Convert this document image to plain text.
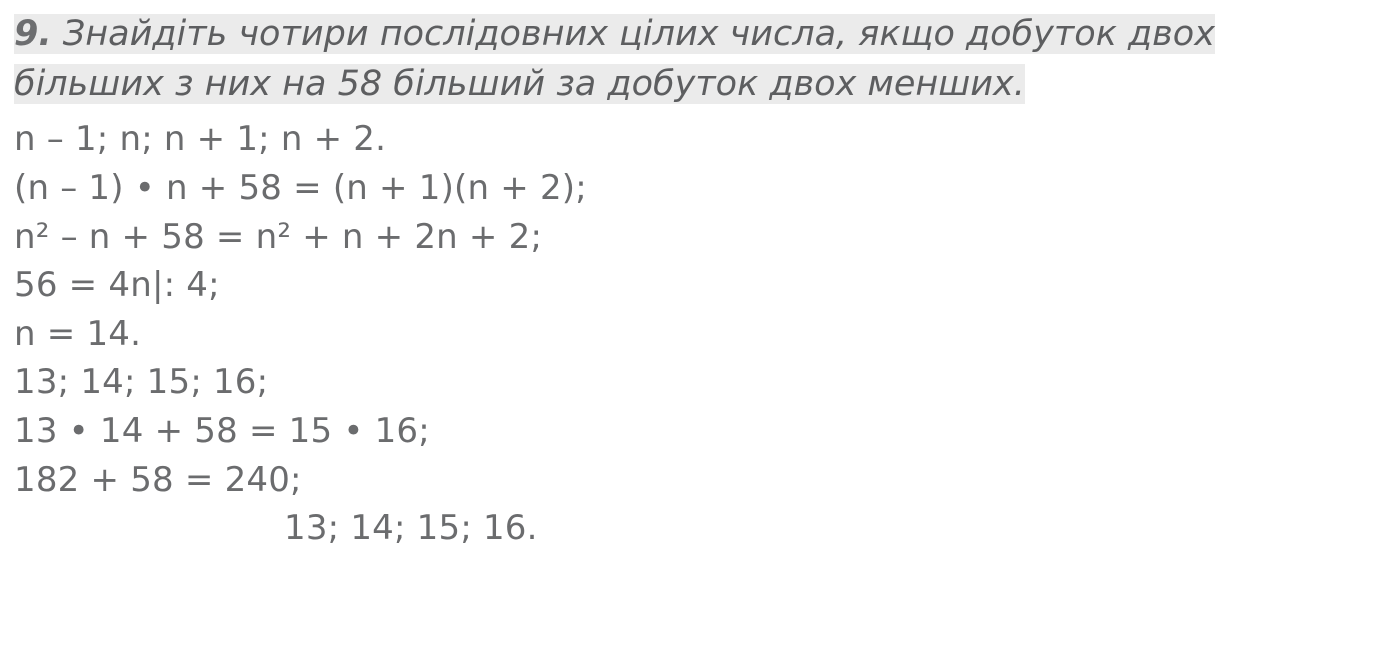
9. Знайдіть чотири послідовних цілих числа, якщо добуток двох
більших з них на 58 більший за добуток двох менших.

n – 1; n; n + 1; n + 2.
(n – 1) • n + 58 = (n + 1)(n + 2);
n² – n + 58 = n² + n + 2n + 2;
56 = 4n|: 4;
n = 14.
13; 14; 15; 16;
13 • 14 + 58 = 15 • 16;
182 + 58 = 240;
13; 14; 15; 16.
